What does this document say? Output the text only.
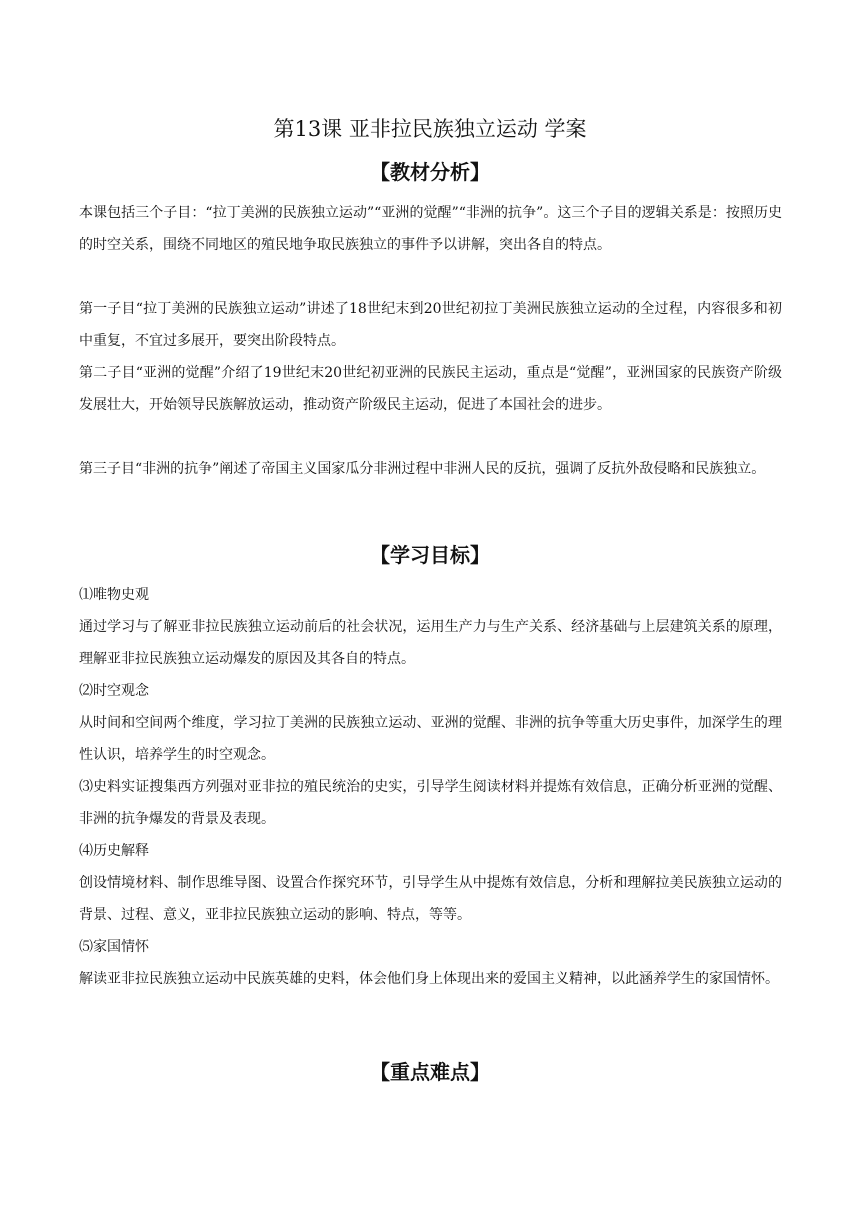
第13课 亚非拉民族独立运动 学案
【教材分析】

本课包括三个子目：“拉丁美洲的民族独立运动”“亚洲的觉醒”“非洲的抗争”。这三个子目的逻辑关系是：按照历史的时空关系，围绕不同地区的殖民地争取民族独立的事件予以讲解，突出各自的特点。

第一子目“拉丁美洲的民族独立运动”讲述了18世纪末到20世纪初拉丁美洲民族独立运动的全过程，内容很多和初中重复，不宜过多展开，要突出阶段特点。

第二子目“亚洲的觉醒”介绍了19世纪末20世纪初亚洲的民族民主运动，重点是“觉醒”，亚洲国家的民族资产阶级发展壮大，开始领导民族解放运动，推动资产阶级民主运动，促进了本国社会的进步。

第三子目“非洲的抗争”阐述了帝国主义国家瓜分非洲过程中非洲人民的反抗，强调了反抗外敌侵略和民族独立。

【学习目标】

⑴唯物史观

通过学习与了解亚非拉民族独立运动前后的社会状况，运用生产力与生产关系、经济基础与上层建筑关系的原理，理解亚非拉民族独立运动爆发的原因及其各自的特点。

⑵时空观念

从时间和空间两个维度，学习拉丁美洲的民族独立运动、亚洲的觉醒、非洲的抗争等重大历史事件，加深学生的理性认识，培养学生的时空观念。

⑶史料实证搜集西方列强对亚非拉的殖民统治的史实，引导学生阅读材料并提炼有效信息，正确分析亚洲的觉醒、非洲的抗争爆发的背景及表现。

⑷历史解释

创设情境材料、制作思维导图、设置合作探究环节，引导学生从中提炼有效信息，分析和理解拉美民族独立运动的背景、过程、意义，亚非拉民族独立运动的影响、特点，等等。

⑸家国情怀

解读亚非拉民族独立运动中民族英雄的史料，体会他们身上体现出来的爱国主义精神，以此涵养学生的家国情怀。

【重点难点】
